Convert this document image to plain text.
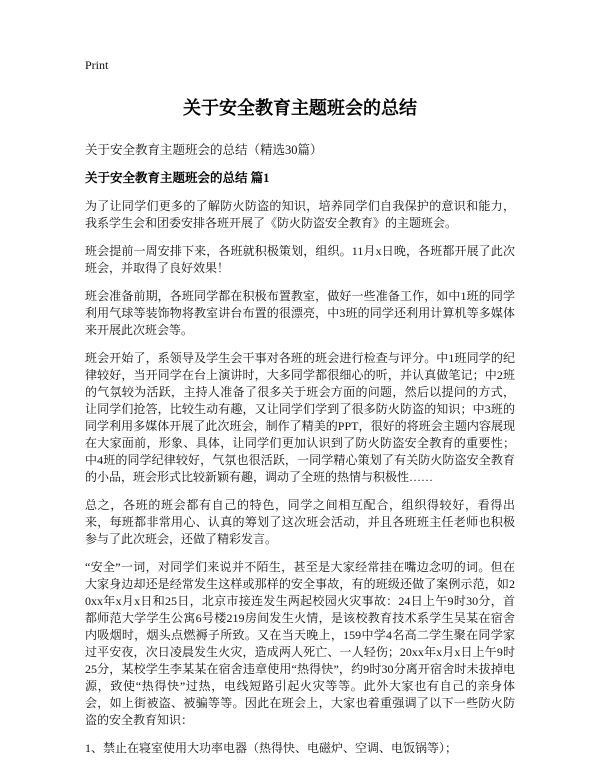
Print
关于安全教育主题班会的总结

关于安全教育主题班会的总结（精选30篇）

关于安全教育主题班会的总结 篇1

为了让同学们更多的了解防火防盗的知识，培养同学们自我保护的意识和能力，我系学生会和团委安排各班开展了《防火防盗安全教育》的主题班会。

班会提前一周安排下来，各班就积极策划，组织。11月x日晚，各班都开展了此次班会，并取得了良好效果！

班会准备前期，各班同学都在积极布置教室，做好一些准备工作，如中1班的同学利用气球等装饰物将教室讲台布置的很漂亮，中3班的同学还利用计算机等多媒体来开展此次班会等。

班会开始了，系领导及学生会干事对各班的班会进行检查与评分。中1班同学的纪律较好，当开同学在台上演讲时，大多同学都很细心的听，并认真做笔记；中2班的气氛较为活跃，主持人准备了很多关于班会方面的问题，然后以提问的方式，让同学们抢答，比较生动有趣，又让同学们学到了很多防火防盗的知识；中3班的同学利用多媒体开展了此次班会，制作了精美的PPT，很好的将班会主题内容展现在大家面前，形象、具体，让同学们更加认识到了防火防盗安全教育的重要性；中4班的同学纪律较好，气氛也很活跃，一同学精心策划了有关防火防盗安全教育的小品，班会形式比较新颖有趣，调动了全班的热情与积极性……

总之，各班的班会都有自己的特色，同学之间相互配合，组织得较好，看得出来，每班都非常用心、认真的筹划了这次班会活动，并且各班班主任老师也积极参与了此次班会，还做了精彩发言。

“安全”一词，对同学们来说并不陌生，甚至是大家经常挂在嘴边念叨的词。但在大家身边却还是经常发生这样或那样的安全事故，有的班级还做了案例示范，如20xx年x月x日和25日，北京市接连发生两起校园火灾事故：24日上午9时30分，首都师范大学学生公寓6号楼219房间发生火情，是该校教育技术系学生吴某在宿舍内吸烟时，烟头点燃褥子所致。又在当天晚上，159中学4名高二学生聚在同学家过平安夜，次日凌晨发生火灾，造成两人死亡、一人轻伤；20xx年x月x日上午9时25分，某校学生李某某在宿舍违章使用“热得快”，约9时30分离开宿舍时未拔掉电源，致使“热得快”过热，电线短路引起火灾等等。此外大家也有自己的亲身体会，如上街被盗、被骗等等。因此在班会上，大家也着重强调了以下一些防火防盗的安全教育知识：

1、禁止在寝室使用大功率电器（热得快、电磁炉、空调、电饭锅等）；
